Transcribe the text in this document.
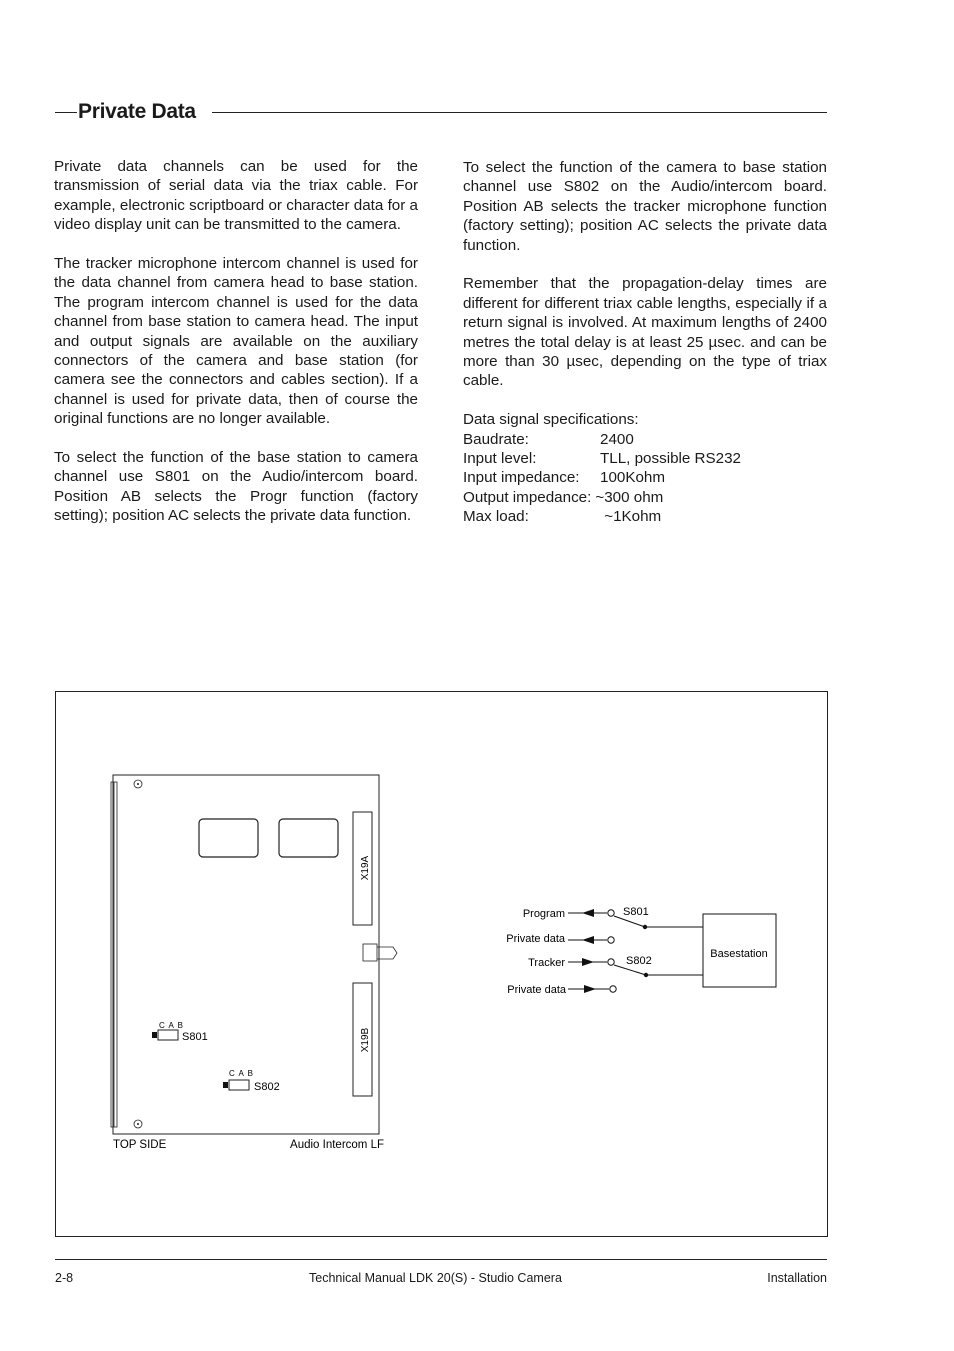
Private Data

Private data channels can be used for the transmission of serial data via the triax cable. For example, electronic scriptboard or character data for a video display unit can be transmitted to the camera.

The tracker microphone intercom channel is used for the data channel from camera head to base station. The program intercom channel is used for the data channel from base station to camera head. The input and output signals are available on the auxiliary connectors of the camera and base station (for camera see the connectors and cables section). If a channel is used for private data, then of course the original functions are no longer available.

To select the function of the base station to camera channel use S801 on the Audio/intercom board. Position AB selects the Progr function (factory setting); position AC selects the private data function.

To select the function of the camera to base station channel use S802 on the Audio/intercom board. Position AB selects the tracker microphone function (factory setting); position AC selects the private data function.

Remember that the propagation-delay times are different for different triax cable lengths, especially if a return signal is involved. At maximum lengths of 2400 metres the total delay is at least 25 µsec. and can be more than 30 µsec, depending on the type of triax cable.

Data signal specifications:
Baudrate:	2400
Input level:	TLL, possible RS232
Input impedance:	100Kohm
Output impedance: ~300 ohm
Max load:	~1Kohm
X19A
X19B
C A B
S801
C A B
S802
TOP SIDE	Audio Intercom LF
Program
Private data
Tracker
Private data
S801
S802
Basestation
2-8	Technical Manual LDK 20(S) - Studio Camera	Installation
